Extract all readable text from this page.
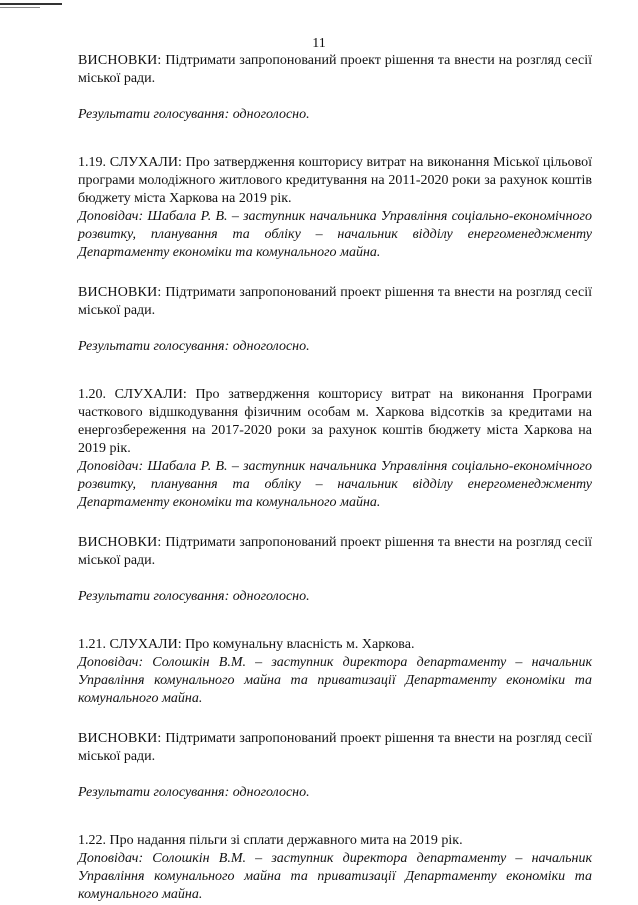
11

ВИСНОВКИ: Підтримати запропонований проект рішення та внести на розгляд сесії міської ради.

Результати голосування: одноголосно.

1.19. СЛУХАЛИ: Про затвердження кошторису витрат на виконання Міської цільової програми молодіжного житлового кредитування на 2011-2020 роки за рахунок коштів бюджету міста Харкова на 2019 рік.

Доповідач: Шабала Р. В. – заступник начальника Управління соціально-економічного розвитку, планування та обліку – начальник відділу енергоменеджменту Департаменту економіки та комунального майна.

ВИСНОВКИ: Підтримати запропонований проект рішення та внести на розгляд сесії міської ради.

Результати голосування: одноголосно.

1.20. СЛУХАЛИ: Про затвердження кошторису витрат на виконання Програми часткового відшкодування фізичним особам м. Харкова відсотків за кредитами на енергозбереження на 2017-2020 роки за рахунок коштів бюджету міста Харкова на 2019 рік.

Доповідач: Шабала Р. В. – заступник начальника Управління соціально-економічного розвитку, планування та обліку – начальник відділу енергоменеджменту Департаменту економіки та комунального майна.

ВИСНОВКИ: Підтримати запропонований проект рішення та внести на розгляд сесії міської ради.

Результати голосування: одноголосно.

1.21. СЛУХАЛИ: Про комунальну власність м. Харкова.

Доповідач: Солошкін В.М. – заступник директора департаменту – начальник Управління комунального майна та приватизації Департаменту економіки та комунального майна.

ВИСНОВКИ: Підтримати запропонований проект рішення та внести на розгляд сесії міської ради.

Результати голосування: одноголосно.

1.22. Про надання пільги зі сплати державного мита на 2019 рік.

Доповідач: Солошкін В.М. – заступник директора департаменту – начальник Управління комунального майна та приватизації Департаменту економіки та комунального майна.
